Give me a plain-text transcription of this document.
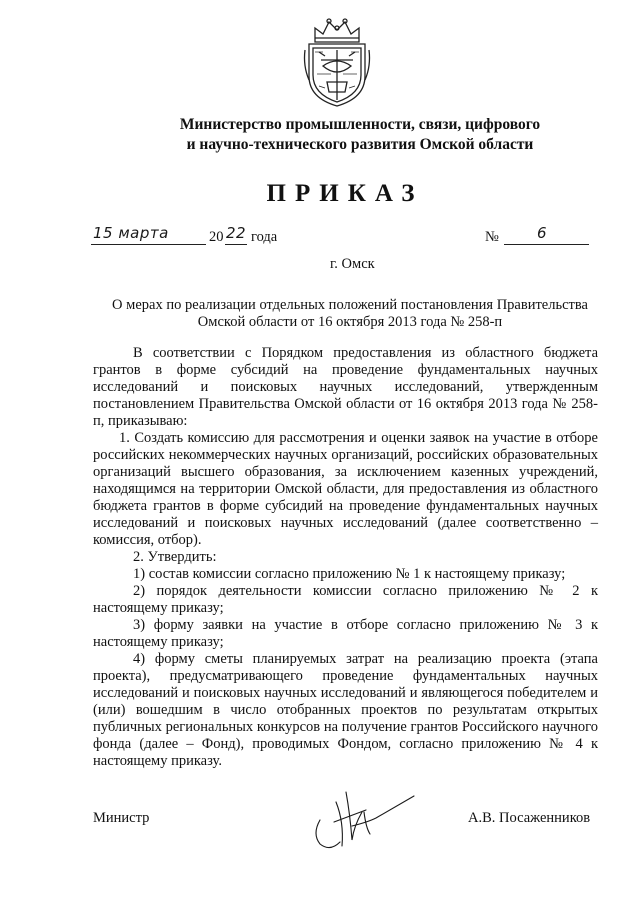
Министерство промышленности, связи, цифрового
и научно-технического развития Омской области
ПРИКАЗ
15 марта	20 22 года	№	6
г. Омск
О мерах по реализации отдельных положений постановления Правительства
Омской области от 16 октября 2013 года № 258-п

В соответствии с Порядком предоставления из областного бюджета грантов в форме субсидий на проведение фундаментальных научных исследований и поисковых научных исследований, утвержденным постановлением Правительства Омской области от 16 октября 2013 года № 258-п, приказываю:

1. Создать комиссию для рассмотрения и оценки заявок на участие в отборе российских некоммерческих научных организаций, российских образовательных организаций высшего образования, за исключением казенных учреждений, находящимся на территории Омской области, для предоставления из областного бюджета грантов в форме субсидий на проведение фундаментальных научных исследований и поисковых научных исследований (далее соответственно – комиссия, отбор).

2. Утвердить:

1) состав комиссии согласно приложению № 1 к настоящему приказу;

2) порядок деятельности комиссии согласно приложению № 2 к настоящему приказу;

3) форму заявки на участие в отборе согласно приложению № 3 к настоящему приказу;

4) форму сметы планируемых затрат на реализацию проекта (этапа проекта), предусматривающего проведение фундаментальных научных исследований и поисковых научных исследований и являющегося победителем и (или) вошедшим в число отобранных проектов по результатам открытых публичных региональных конкурсов на получение грантов Российского научного фонда (далее – Фонд), проводимых Фондом, согласно приложению № 4 к настоящему приказу.

Министр	А.В. Посаженников
